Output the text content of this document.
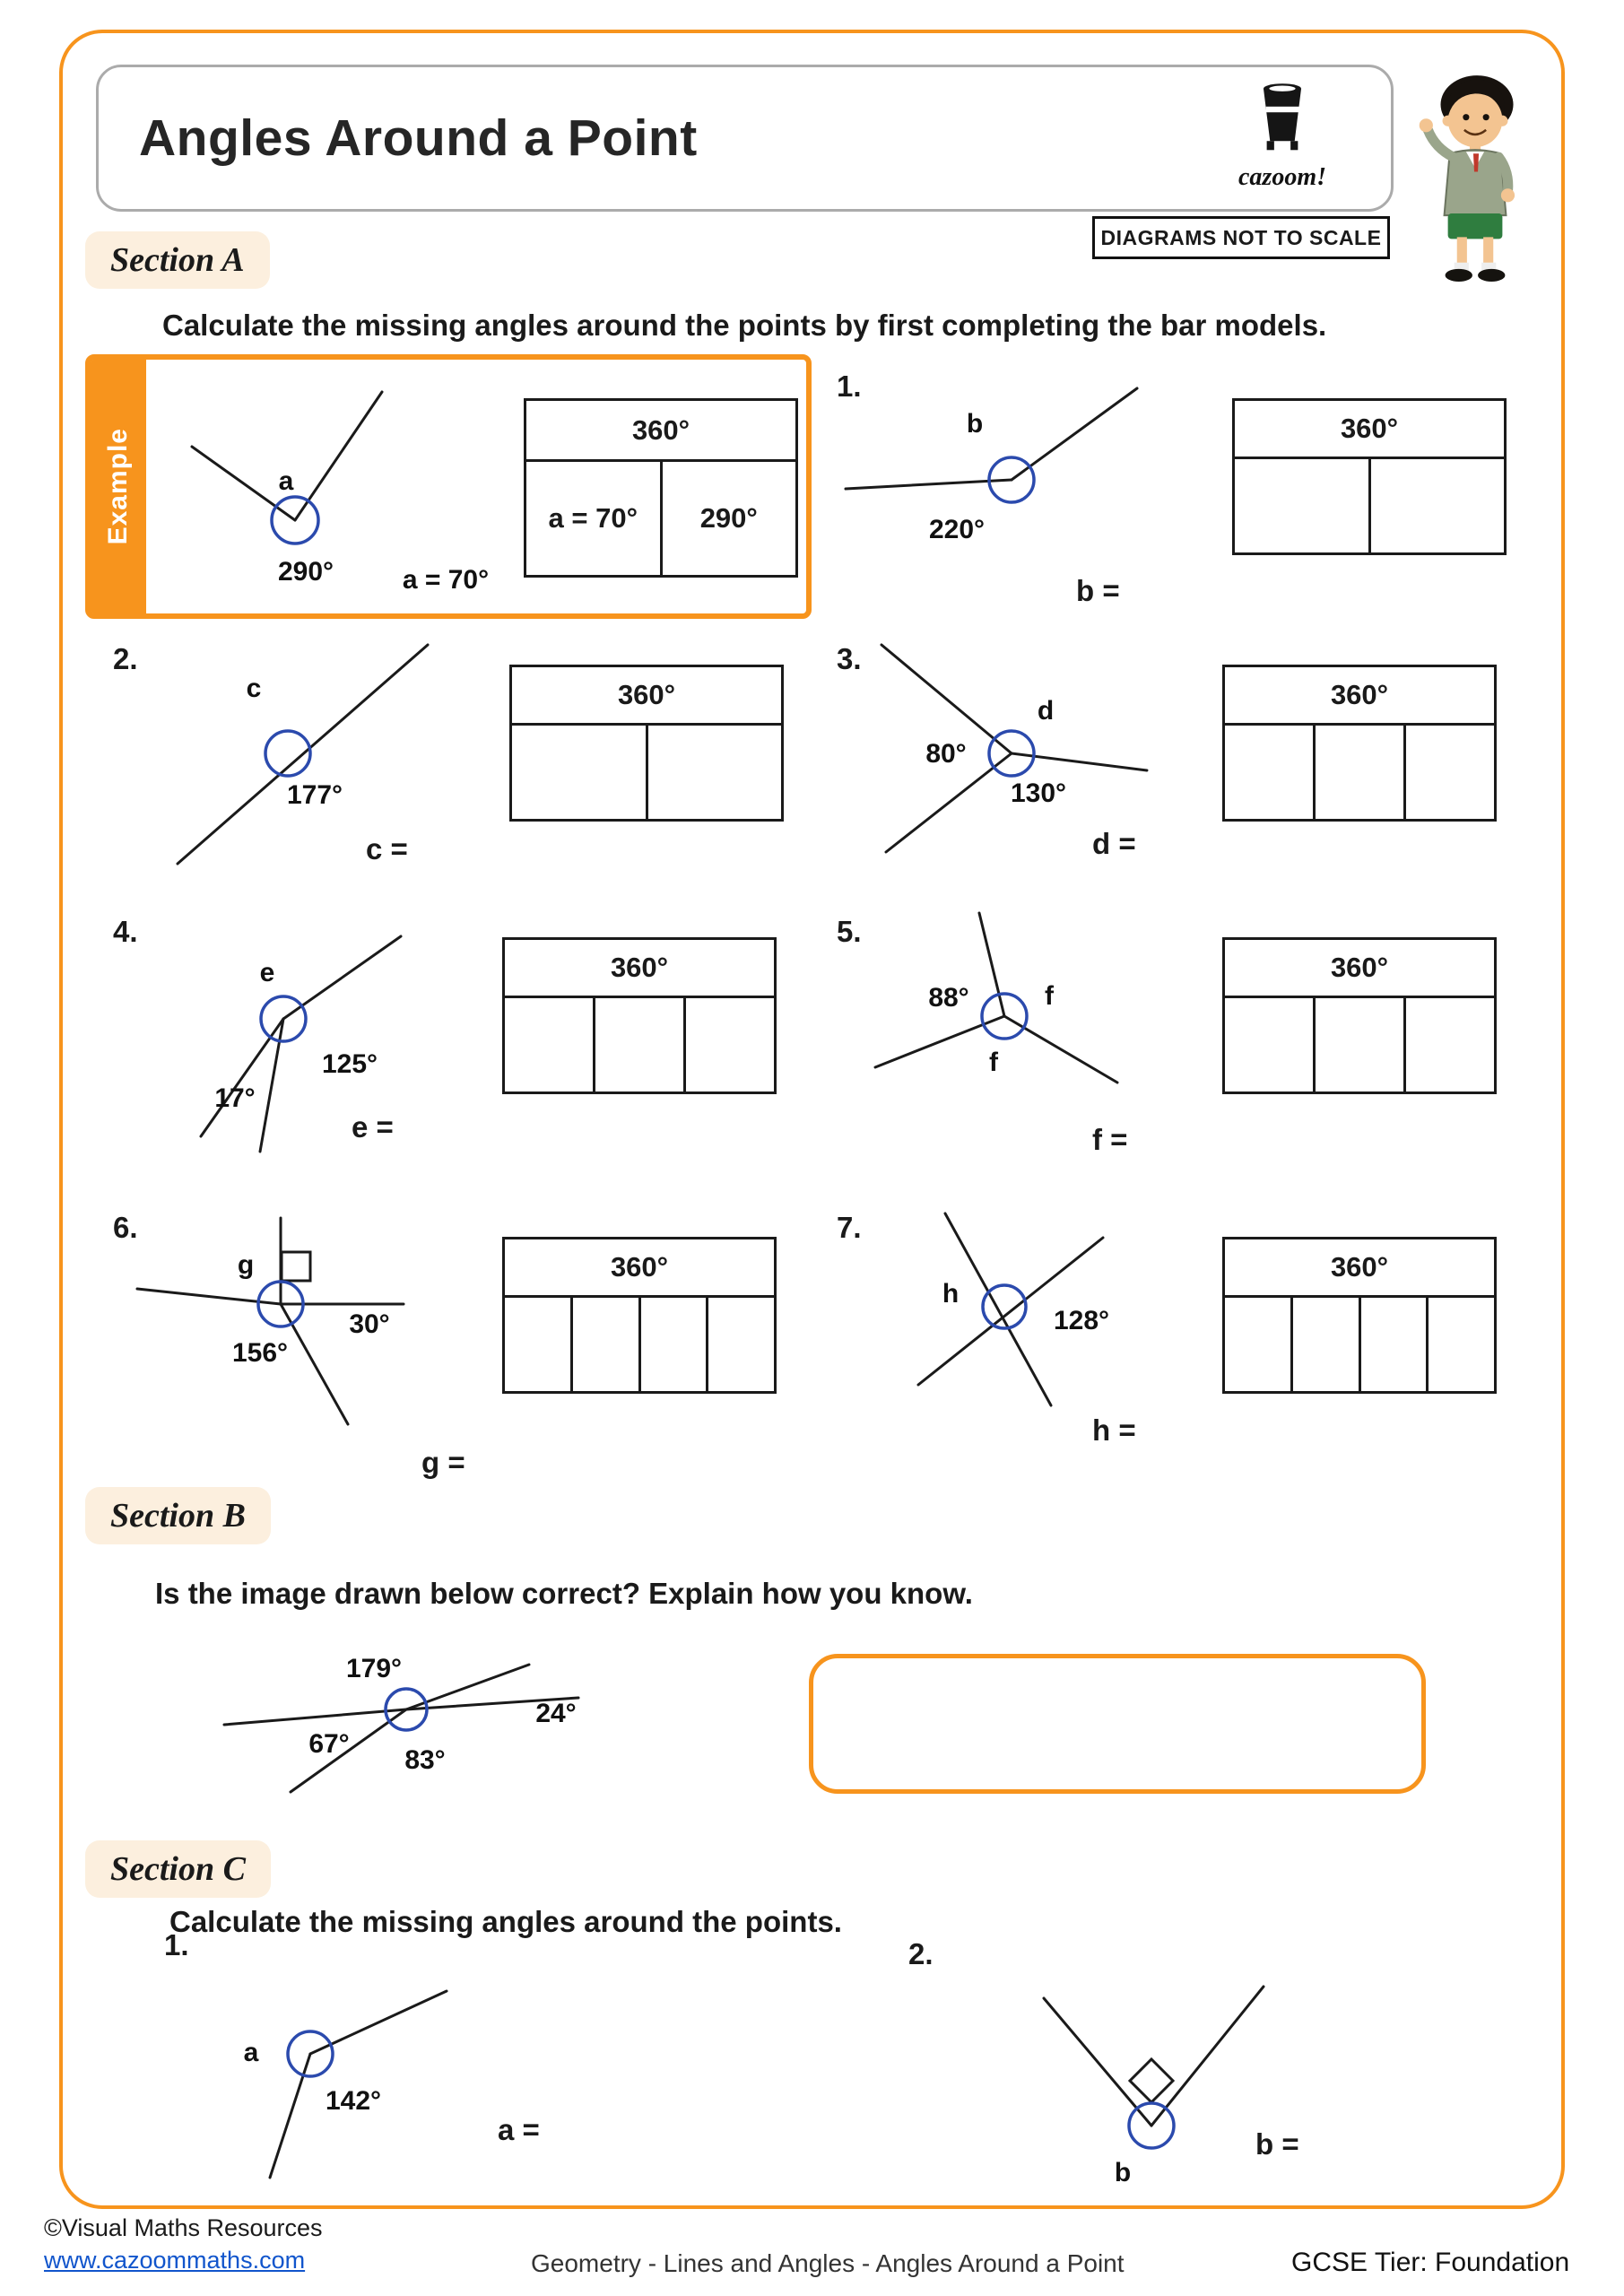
Angles Around a Point
cazoom!
DIAGRAMS NOT TO SCALE
Section A
Calculate the missing angles around the points by first completing the bar models.
Example	a
290°	a = 70°
360°
a = 70°	290°
1.
b
220°
360°
b =
2.
c
177°
360°
c =
3.
d
80°
130°
360°
d =
4.
e
125°
17°
360°
e =
5.
88°	f
f
360°
f =
6.
g
30°
156°
360°
g =
7.
h
128°
360°
h =
Section B
Is the image drawn below correct? Explain how you know.
179°
67°
83°
24°
Section C
Calculate the missing angles around the points.
1.
a
142°
a =
2.
b
b =
©Visual Maths Resources
www.cazoommaths.com	Geometry - Lines and Angles - Angles Around a Point	GCSE Tier: Foundation
